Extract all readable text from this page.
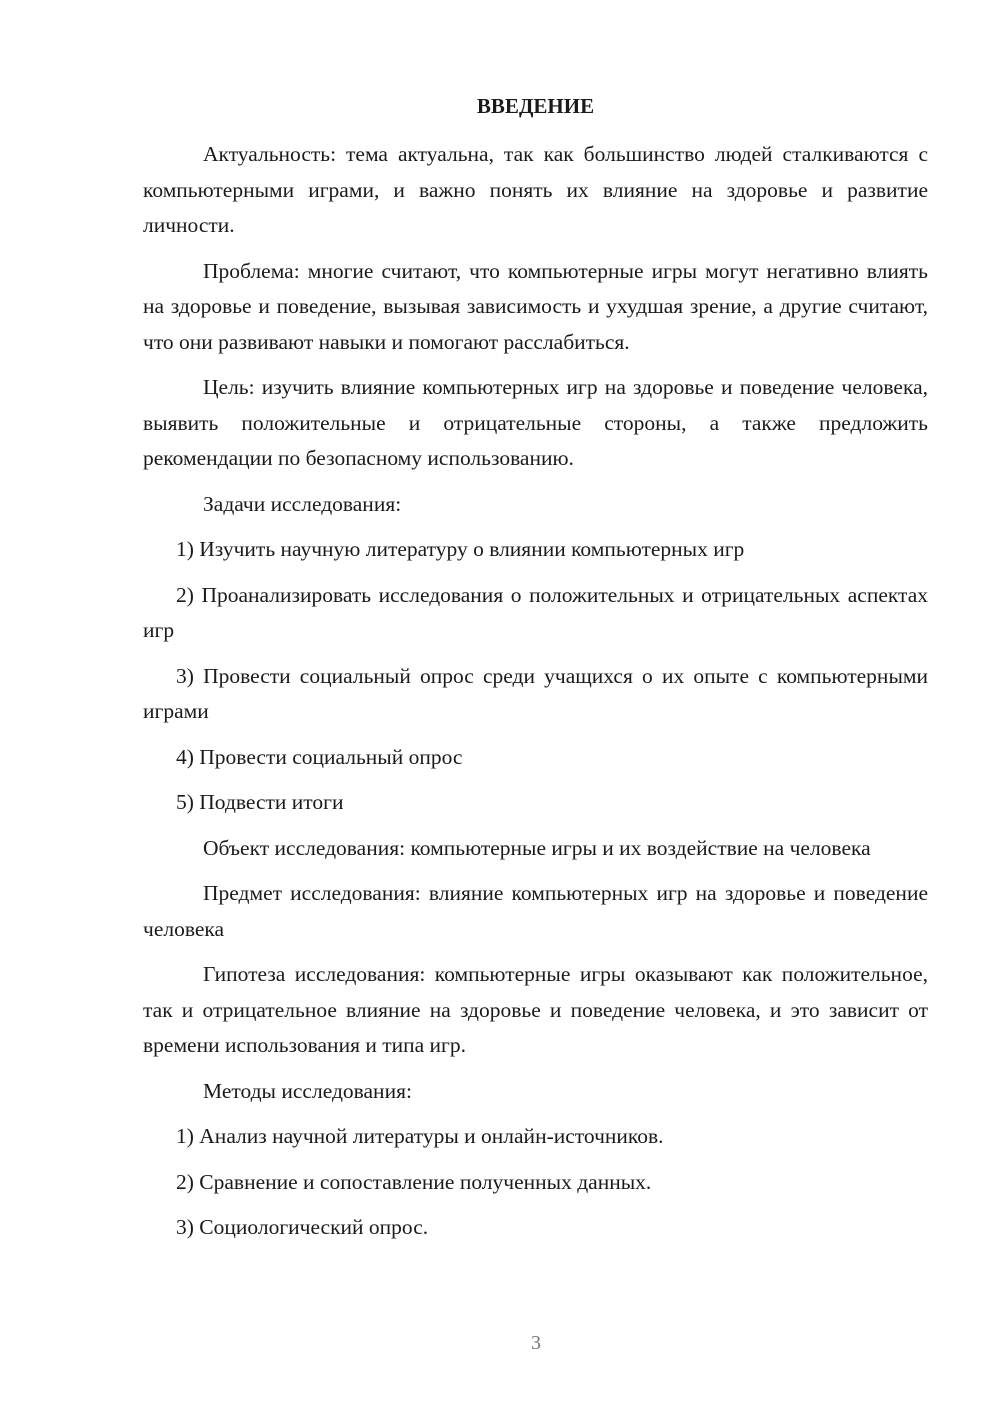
ВВЕДЕНИЕ

Актуальность: тема актуальна, так как большинство людей сталкиваются с компьютерными играми, и важно понять их влияние на здоровье и развитие личности.

Проблема: многие считают, что компьютерные игры могут негативно влиять на здоровье и поведение, вызывая зависимость и ухудшая зрение, а другие считают, что они развивают навыки и помогают расслабиться.

Цель: изучить влияние компьютерных игр на здоровье и поведение человека, выявить положительные и отрицательные стороны, а также предложить рекомендации по безопасному использованию.

Задачи исследования:

1) Изучить научную литературу о влиянии компьютерных игр

2) Проанализировать исследования о положительных и отрицательных аспектах игр

3) Провести социальный опрос среди учащихся о их опыте с компьютерными играми

4) Провести социальный опрос

5) Подвести итоги

Объект исследования: компьютерные игры и их воздействие на человека

Предмет исследования: влияние компьютерных игр на здоровье и поведение человека

Гипотеза исследования: компьютерные игры оказывают как положительное, так и отрицательное влияние на здоровье и поведение человека, и это зависит от времени использования и типа игр.

Методы исследования:

1) Анализ научной литературы и онлайн-источников.

2) Сравнение и сопоставление полученных данных.

3) Социологический опрос.

3
